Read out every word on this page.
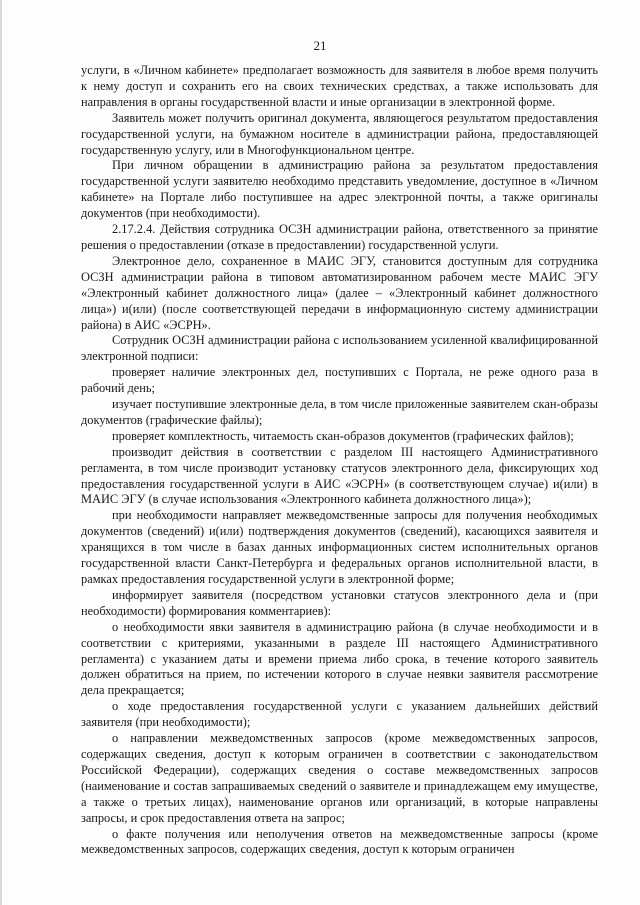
21

услуги, в «Личном кабинете» предполагает возможность для заявителя в любое время получить к нему доступ и сохранить его на своих технических средствах, а также использовать для направления в органы государственной власти и иные организации в электронной форме.

Заявитель может получить оригинал документа, являющегося результатом предоставления государственной услуги, на бумажном носителе в администрации района, предоставляющей государственную услугу, или в Многофункциональном центре.

При личном обращении в администрацию района за результатом предоставления государственной услуги заявителю необходимо представить уведомление, доступное в «Личном кабинете» на Портале либо поступившее на адрес электронной почты, а также оригиналы документов (при необходимости).

2.17.2.4. Действия сотрудника ОСЗН администрации района, ответственного за принятие решения о предоставлении (отказе в предоставлении) государственной услуги.

Электронное дело, сохраненное в МАИС ЭГУ, становится доступным для сотрудника ОСЗН администрации района в типовом автоматизированном рабочем месте МАИС ЭГУ «Электронный кабинет должностного лица» (далее – «Электронный кабинет должностного лица») и(или) (после соответствующей передачи в информационную систему администрации района) в АИС «ЭСРН».

Сотрудник ОСЗН администрации района с использованием усиленной квалифицированной электронной подписи:

проверяет наличие электронных дел, поступивших с Портала, не реже одного раза в рабочий день;

изучает поступившие электронные дела, в том числе приложенные заявителем скан-образы документов (графические файлы);

проверяет комплектность, читаемость скан-образов документов (графических файлов);

производит действия в соответствии с разделом III настоящего Административного регламента, в том числе производит установку статусов электронного дела, фиксирующих ход предоставления государственной услуги в АИС «ЭСРН» (в соответствующем случае) и(или) в МАИС ЭГУ (в случае использования «Электронного кабинета должностного лица»);

при необходимости направляет межведомственные запросы для получения необходимых документов (сведений) и(или) подтверждения документов (сведений), касающихся заявителя и хранящихся в том числе в базах данных информационных систем исполнительных органов государственной власти Санкт-Петербурга и федеральных органов исполнительной власти, в рамках предоставления государственной услуги в электронной форме;

информирует заявителя (посредством установки статусов электронного дела и (при необходимости) формирования комментариев):

о необходимости явки заявителя в администрацию района (в случае необходимости и в соответствии с критериями, указанными в разделе III настоящего Административного регламента) с указанием даты и времени приема либо срока, в течение которого заявитель должен обратиться на прием, по истечении которого в случае неявки заявителя рассмотрение дела прекращается;

о ходе предоставления государственной услуги с указанием дальнейших действий заявителя (при необходимости);

о направлении межведомственных запросов (кроме межведомственных запросов, содержащих сведения, доступ к которым ограничен в соответствии с законодательством Российской Федерации), содержащих сведения о составе межведомственных запросов (наименование и состав запрашиваемых сведений о заявителе и принадлежащем ему имуществе, а также о третьих лицах), наименование органов или организаций, в которые направлены запросы, и срок предоставления ответа на запрос;

о факте получения или неполучения ответов на межведомственные запросы (кроме межведомственных запросов, содержащих сведения, доступ к которым ограничен
